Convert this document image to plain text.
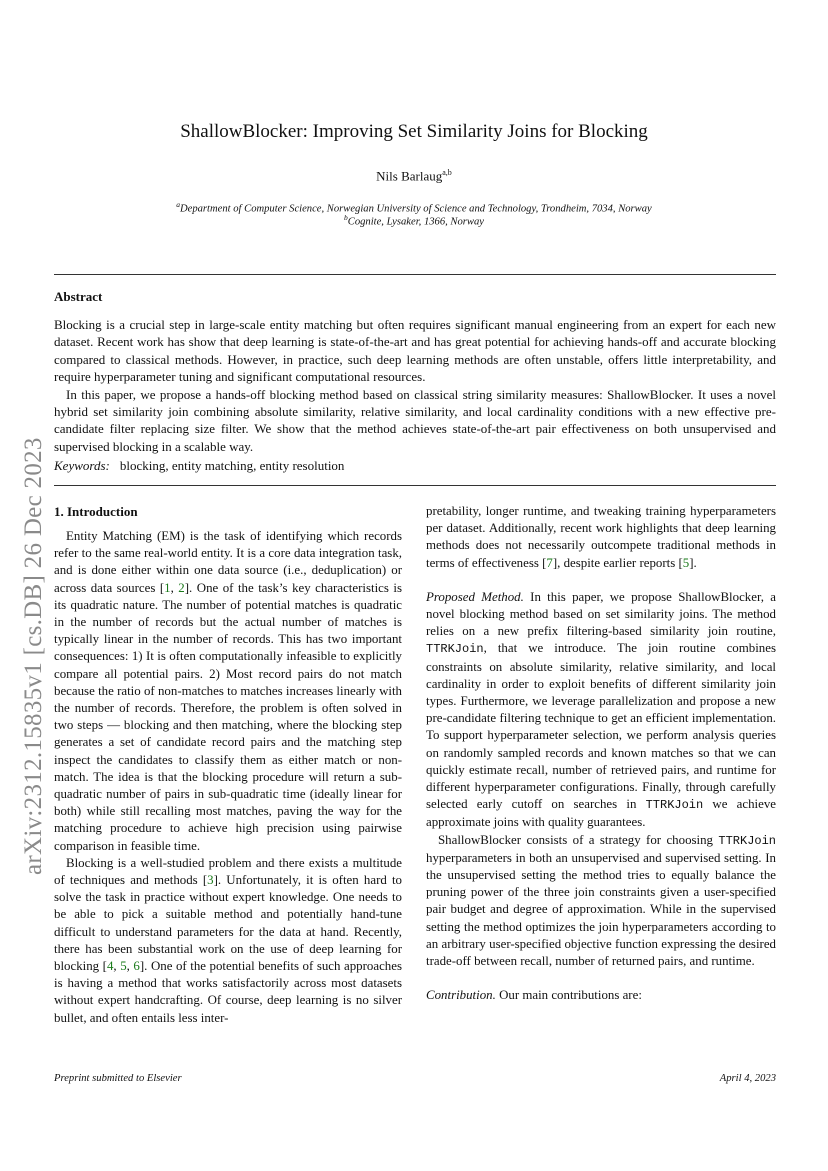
arXiv:2312.15835v1 [cs.DB] 26 Dec 2023
ShallowBlocker: Improving Set Similarity Joins for Blocking
Nils Barlaug$^{a,b}$
$^a$Department of Computer Science, Norwegian University of Science and Technology, Trondheim, 7034, Norway
$^b$Cognite, Lysaker, 1366, Norway
Abstract

Blocking is a crucial step in large-scale entity matching but often requires significant manual engineering from an expert for each new dataset. Recent work has show that deep learning is state-of-the-art and has great potential for achieving hands-off and accurate blocking compared to classical methods. However, in practice, such deep learning methods are often unstable, offers little interpretability, and require hyperparameter tuning and significant computational resources.

In this paper, we propose a hands-off blocking method based on classical string similarity measures: ShallowBlocker. It uses a novel hybrid set similarity join combining absolute similarity, relative similarity, and local cardinality conditions with a new effective pre-candidate filter replacing size filter. We show that the method achieves state-of-the-art pair effectiveness on both unsupervised and supervised blocking in a scalable way.

Keywords: blocking, entity matching, entity resolution
1. Introduction

Entity Matching (EM) is the task of identifying which records refer to the same real-world entity. It is a core data integration task, and is done either within one data source (i.e., deduplication) or across data sources [1, 2]. One of the task’s key characteristics is its quadratic nature. The number of potential matches is quadratic in the number of records but the actual number of matches is typically linear in the number of records. This has two important consequences: 1) It is often computationally infeasible to explicitly compare all potential pairs. 2) Most record pairs do not match because the ratio of non-matches to matches increases linearly with the number of records. Therefore, the problem is often solved in two steps — blocking and then matching, where the blocking step generates a set of candidate record pairs and the matching step inspect the candidates to classify them as either match or non-match. The idea is that the blocking procedure will return a sub-quadratic number of pairs in sub-quadratic time (ideally linear for both) while still recalling most matches, paving the way for the matching procedure to achieve high precision using pairwise comparison in feasible time.

Blocking is a well-studied problem and there exists a multitude of techniques and methods [3]. Unfortunately, it is often hard to solve the task in practice without expert knowledge. One needs to be able to pick a suitable method and potentially hand-tune difficult to understand parameters for the data at hand. Recently, there has been substantial work on the use of deep learning for blocking [4, 5, 6]. One of the potential benefits of such approaches is having a method that works satisfactorily across most datasets without expert handcrafting. Of course, deep learning is no silver bullet, and often entails less inter-

pretability, longer runtime, and tweaking training hyperparameters per dataset. Additionally, recent work highlights that deep learning methods does not necessarily outcompete traditional methods in terms of effectiveness [7], despite earlier reports [5].

Proposed Method. In this paper, we propose ShallowBlocker, a novel blocking method based on set similarity joins. The method relies on a new prefix filtering-based similarity join routine, TTRKJoin, that we introduce. The join routine combines constraints on absolute similarity, relative similarity, and local cardinality in order to exploit benefits of different similarity join types. Furthermore, we leverage parallelization and propose a new pre-candidate filtering technique to get an efficient implementation. To support hyperparameter selection, we perform analysis queries on randomly sampled records and known matches so that we can quickly estimate recall, number of retrieved pairs, and runtime for different hyperparameter configurations. Finally, through carefully selected early cutoff on searches in TTRKJoin we achieve approximate joins with quality guarantees.

ShallowBlocker consists of a strategy for choosing TTRKJoin hyperparameters in both an unsupervised and supervised setting. In the unsupervised setting the method tries to equally balance the pruning power of the three join constraints given a user-specified pair budget and degree of approximation. While in the supervised setting the method optimizes the join hyperparameters according to an arbitrary user-specified objective function expressing the desired trade-off between recall, number of returned pairs, and runtime.

Contribution. Our main contributions are:

Preprint submitted to Elsevier	April 4, 2023
